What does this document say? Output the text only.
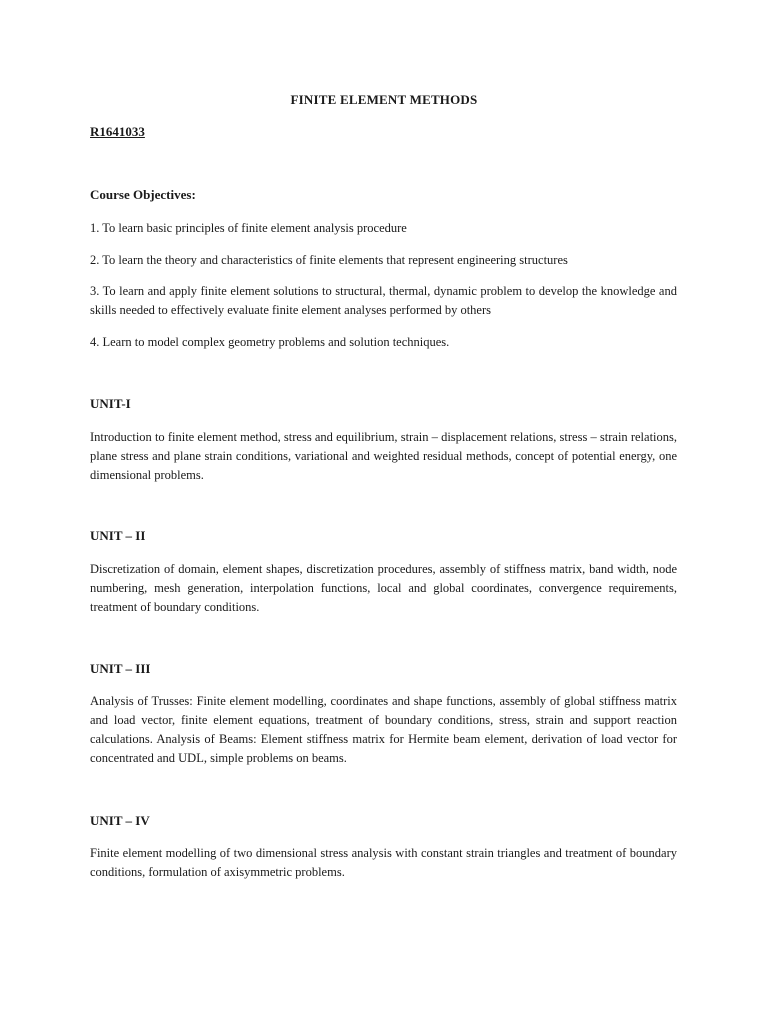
FINITE ELEMENT METHODS

R1641033

Course Objectives:

1. To learn basic principles of finite element analysis procedure

2. To learn the theory and characteristics of finite elements that represent engineering structures

3. To learn and apply finite element solutions to structural, thermal, dynamic problem to develop the knowledge and skills needed to effectively evaluate finite element analyses performed by others

4. Learn to model complex geometry problems and solution techniques.

UNIT-I

Introduction to finite element method, stress and equilibrium, strain – displacement relations, stress – strain relations, plane stress and plane strain conditions, variational and weighted residual methods, concept of potential energy, one dimensional problems.

UNIT – II

Discretization of domain, element shapes, discretization procedures, assembly of stiffness matrix, band width, node numbering, mesh generation, interpolation functions, local and global coordinates, convergence requirements, treatment of boundary conditions.

UNIT – III

Analysis of Trusses: Finite element modelling, coordinates and shape functions, assembly of global stiffness matrix and load vector, finite element equations, treatment of boundary conditions, stress, strain and support reaction calculations. Analysis of Beams: Element stiffness matrix for Hermite beam element, derivation of load vector for concentrated and UDL, simple problems on beams.

UNIT – IV

Finite element modelling of two dimensional stress analysis with constant strain triangles and treatment of boundary conditions, formulation of axisymmetric problems.
